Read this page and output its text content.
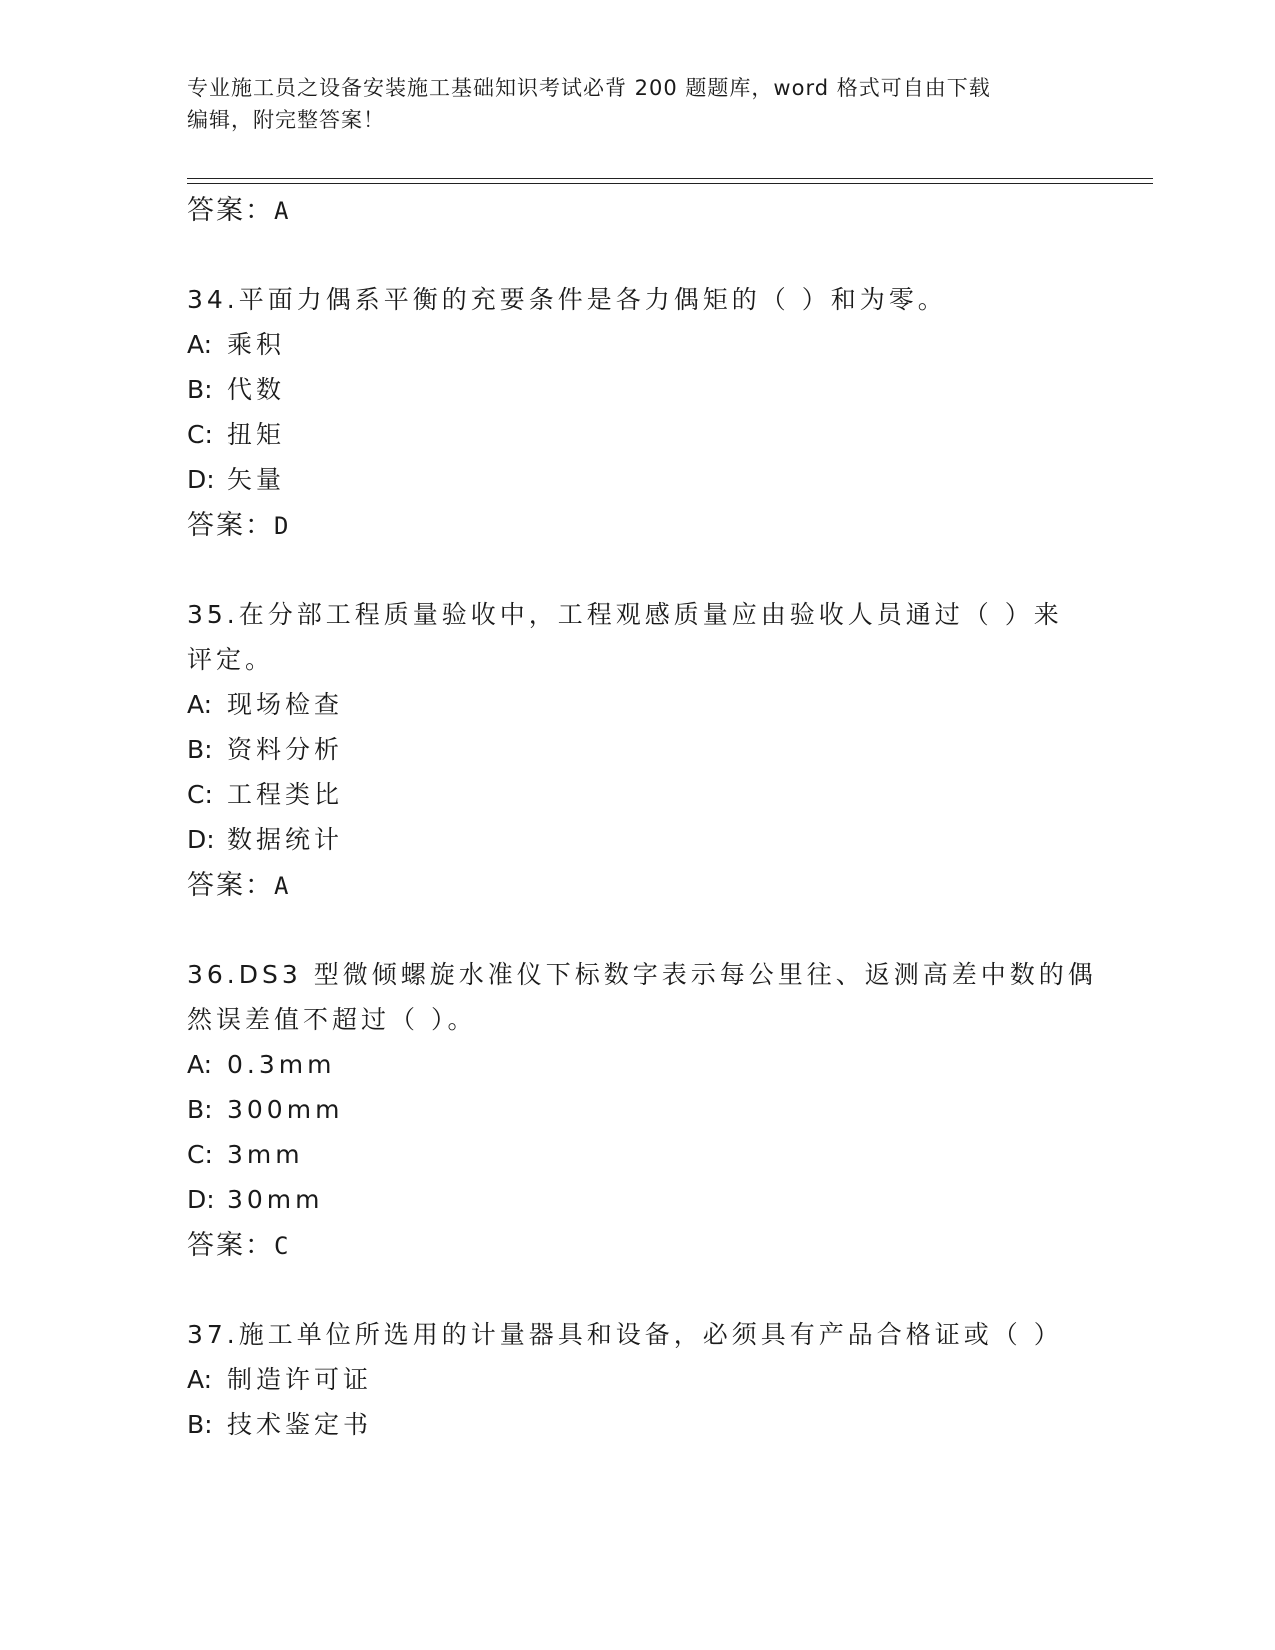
专业施工员之设备安装施工基础知识考试必背 200 题题库，word 格式可自由下载
编辑，附完整答案！
答案：A
34.平面力偶系平衡的充要条件是各力偶矩的（ ）和为零。
A: 乘积
B: 代数
C: 扭矩
D: 矢量
答案：D
35.在分部工程质量验收中，工程观感质量应由验收人员通过（ ）来
评定。
A: 现场检查
B: 资料分析
C: 工程类比
D: 数据统计
答案：A
36.DS3 型微倾螺旋水准仪下标数字表示每公里往、返测高差中数的偶
然误差值不超过（ ）。
A: 0.3mm
B: 300mm
C: 3mm
D: 30mm
答案：C
37.施工单位所选用的计量器具和设备，必须具有产品合格证或（ ）
A: 制造许可证
B: 技术鉴定书
